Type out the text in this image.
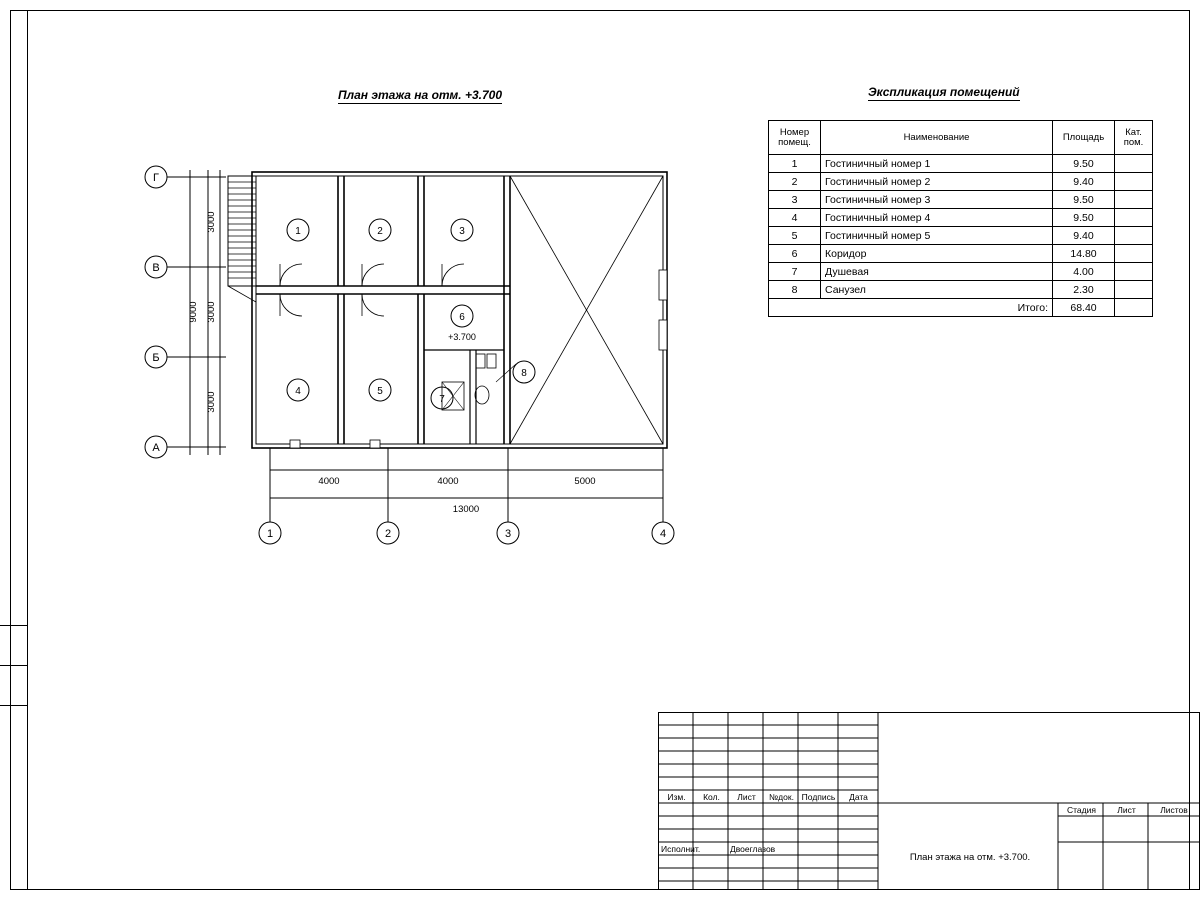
План этажа на отм. +3.700	Экспликация помещений
Номер
помещ.	Наименование	Площадь	Кат.
пом.

1	Гостиничный номер 1	9.50	
2	Гостиничный номер 2	9.40	
3	Гостиничный номер 3	9.50	
4	Гостиничный номер 4	9.50	
5	Гостиничный номер 5	9.40	
6	Коридор	14.80	
7	Душевая	4.00	
8	Санузел	2.30	
Итого:		68.40	
Г
В
Б
А
1	2	3	4
1	2	3
4	5
6
7
8
+3.700
3000
3000
3000
9000
4000	4000	5000
13000
Изм.	Кол.	Лист	№док. Подпись	Дата
Исполнит.	Двоеглазов
План этажа на отм. +3.700.
Стадия	Лист	Листов
